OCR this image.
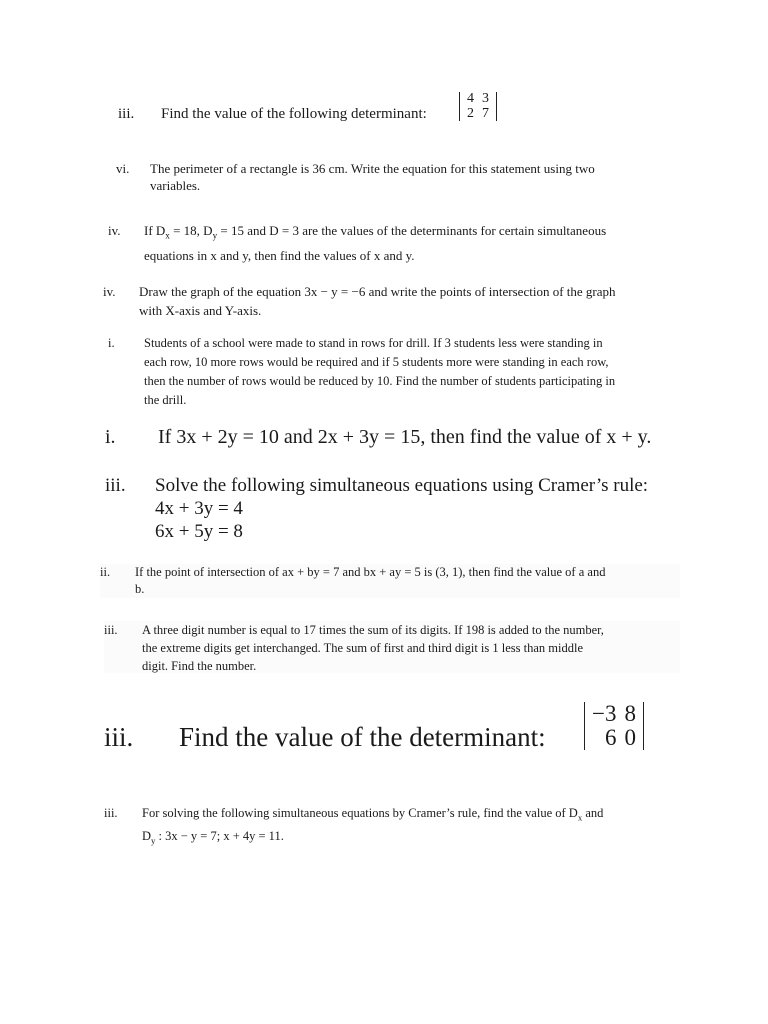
iii. Find the value of the following determinant:
4	3
2	7
vi. The perimeter of a rectangle is 36 cm. Write the equation for this statement using two
variables.
iv. If $D_x = 18$, $D_y = 15$ and D = 3 are the values of the determinants for certain simultaneous
equations in x and y, then find the values of x and y.
iv. Draw the graph of the equation 3x − y = −6 and write the points of intersection of the graph
with X-axis and Y-axis.
i. Students of a school were made to stand in rows for drill. If 3 students less were standing in
each row, 10 more rows would be required and if 5 students more were standing in each row,
then the number of rows would be reduced by 10. Find the number of students participating in
the drill.
i. If 3x + 2y = 10 and 2x + 3y = 15, then find the value of x + y.
iii. Solve the following simultaneous equations using Cramer’s rule:
4x + 3y = 4
6x + 5y = 8
ii. If the point of intersection of ax + by = 7 and bx + ay = 5 is (3, 1), then find the value of a and
b.
iii. A three digit number is equal to 17 times the sum of its digits. If 198 is added to the number,
the extreme digits get interchanged. The sum of first and third digit is 1 less than middle
digit. Find the number.
iii. Find the value of the determinant:
−3	8
6	0
iii. For solving the following simultaneous equations by Cramer’s rule, find the value of $D_x$ and
$D_y$ : 3x − y = 7; x + 4y = 11.
